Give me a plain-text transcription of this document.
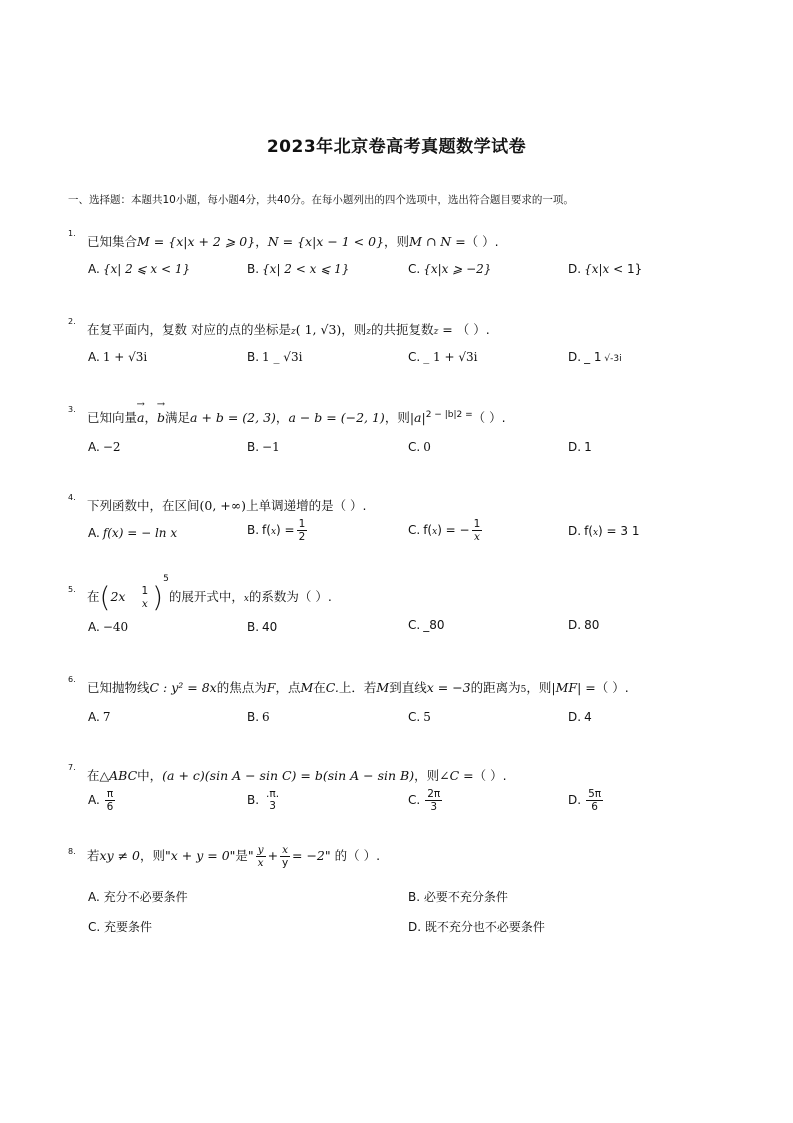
2023年北京卷高考真题数学试卷
一、选择题：本题共10小题，每小题4分，共40分。在每小题列出的四个选项中，选出符合题目要求的一项。
1.
已知集合M = {x|x + 2 ⩾ 0}，N = {x|x − 1 < 0}，则M ∩ N =（ ）.
A. {x| 2 ⩽ x < 1}	B. {x| 2 < x ⩽ 1}	C. {x|x ⩾ −2}	D. {x|x < 1}
2.
在复平面内，复数 对应的点的坐标是z( 1, √3)，则z的共扼复数z = （ ）.
A. 1 + √3i	B. 1 _ √3i	C. _ 1 + √3i	D. _ 1 √-3i
3.
已知向量→ a，→ b满足a + b = (2, 3)，a − b = (−2, 1)，则$|a|^{2 - |b|2 =}$（ ）.
A. −2	B. −1	C. 0	D. 1
4.
下列函数中，在区间(0, +∞)上单调递增的是（ ）.
A. f(x) = − ln x	B. $f(x) = \frac{1}{2}$	C. f(x) = − $\frac{1}{x}$	D. f(x) = 3 1
5. 在(2x 1
x )$^5$的展开式中，x的系数为（ ）.
A. −40	B. 40	C. _80	D. 80
6.
已知抛物线C : y² = 8x的焦点为F，点M在C.上．若M到直线x = −3的距离为5，则|MF| =（ ）.
A. 7	B. 6	C. 5	D. 4
7.
在△ABC中，(a + c)(sin A − sin C) = b(sin A − sin B)，则∠C =（ ）.
A. $\frac{\pi}{6}$	B. .π.
3	C. $\frac{2\pi}{3}$	D. $\frac{5\pi}{6}$
8. 若xy ≠ 0，则"x + y = 0"是" $\frac{y}{x} + \frac{x}{y} = -2$" 的（ ）.
A. 充分不必要条件	B. 必要不充分条件
C. 充要条件	D. 既不充分也不必要条件
